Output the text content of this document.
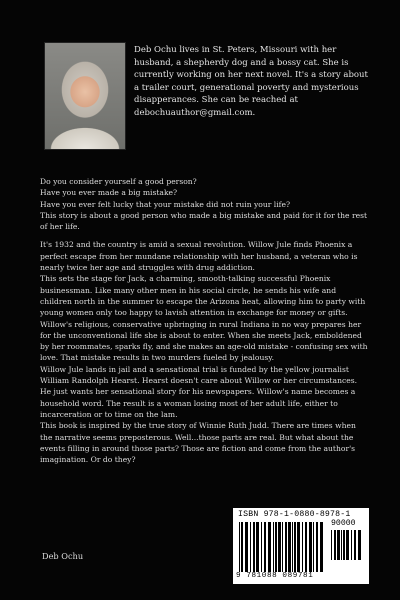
Deb Ochu lives in St. Peters, Missouri with her husband, a shepherdy dog and a bossy cat. She is currently working on her next novel. It's a story about a trailer court, generational poverty and mysterious disapperances. She can be reached at debochuauthor@gmail.com.

Do you consider yourself a good person?

Have you ever made a big mistake?

Have you ever felt lucky that your mistake did not ruin your life?

This story is about a good person who made a big mistake and paid for it for the rest of her life.

It's 1932 and the country is amid a sexual revolution. Willow Jule finds Phoenix a perfect escape from her mundane relationship with her husband, a veteran who is nearly twice her age and struggles with drug addiction.

This sets the stage for Jack, a charming, smooth-talking successful Phoenix businessman. Like many other men in his social circle, he sends his wife and children north in the summer to escape the Arizona heat, allowing him to party with young women only too happy to lavish attention in exchange for money or gifts.

Willow's religious, conservative upbringing in rural Indiana in no way prepares her for the unconventional life she is about to enter. When she meets Jack, emboldened by her roommates, sparks fly, and she makes an age-old mistake - confusing sex with love. That mistake results in two murders fueled by jealousy.

Willow Jule lands in jail and a sensational trial is funded by the yellow journalist William Randolph Hearst. Hearst doesn't care about Willow or her circumstances. He just wants her sensational story for his newspapers. Willow's name becomes a household word. The result is a woman losing most of her adult life, either to incarceration or to time on the lam.

This book is inspired by the true story of Winnie Ruth Judd. There are times when the narrative seems preposterous. Well...those parts are real. But what about the events filling in around those parts? Those are fiction and come from the author's imagination. Or do they?

Deb Ochu
ISBN 978-1-0880-8978-1
90000
9 781088 089781
